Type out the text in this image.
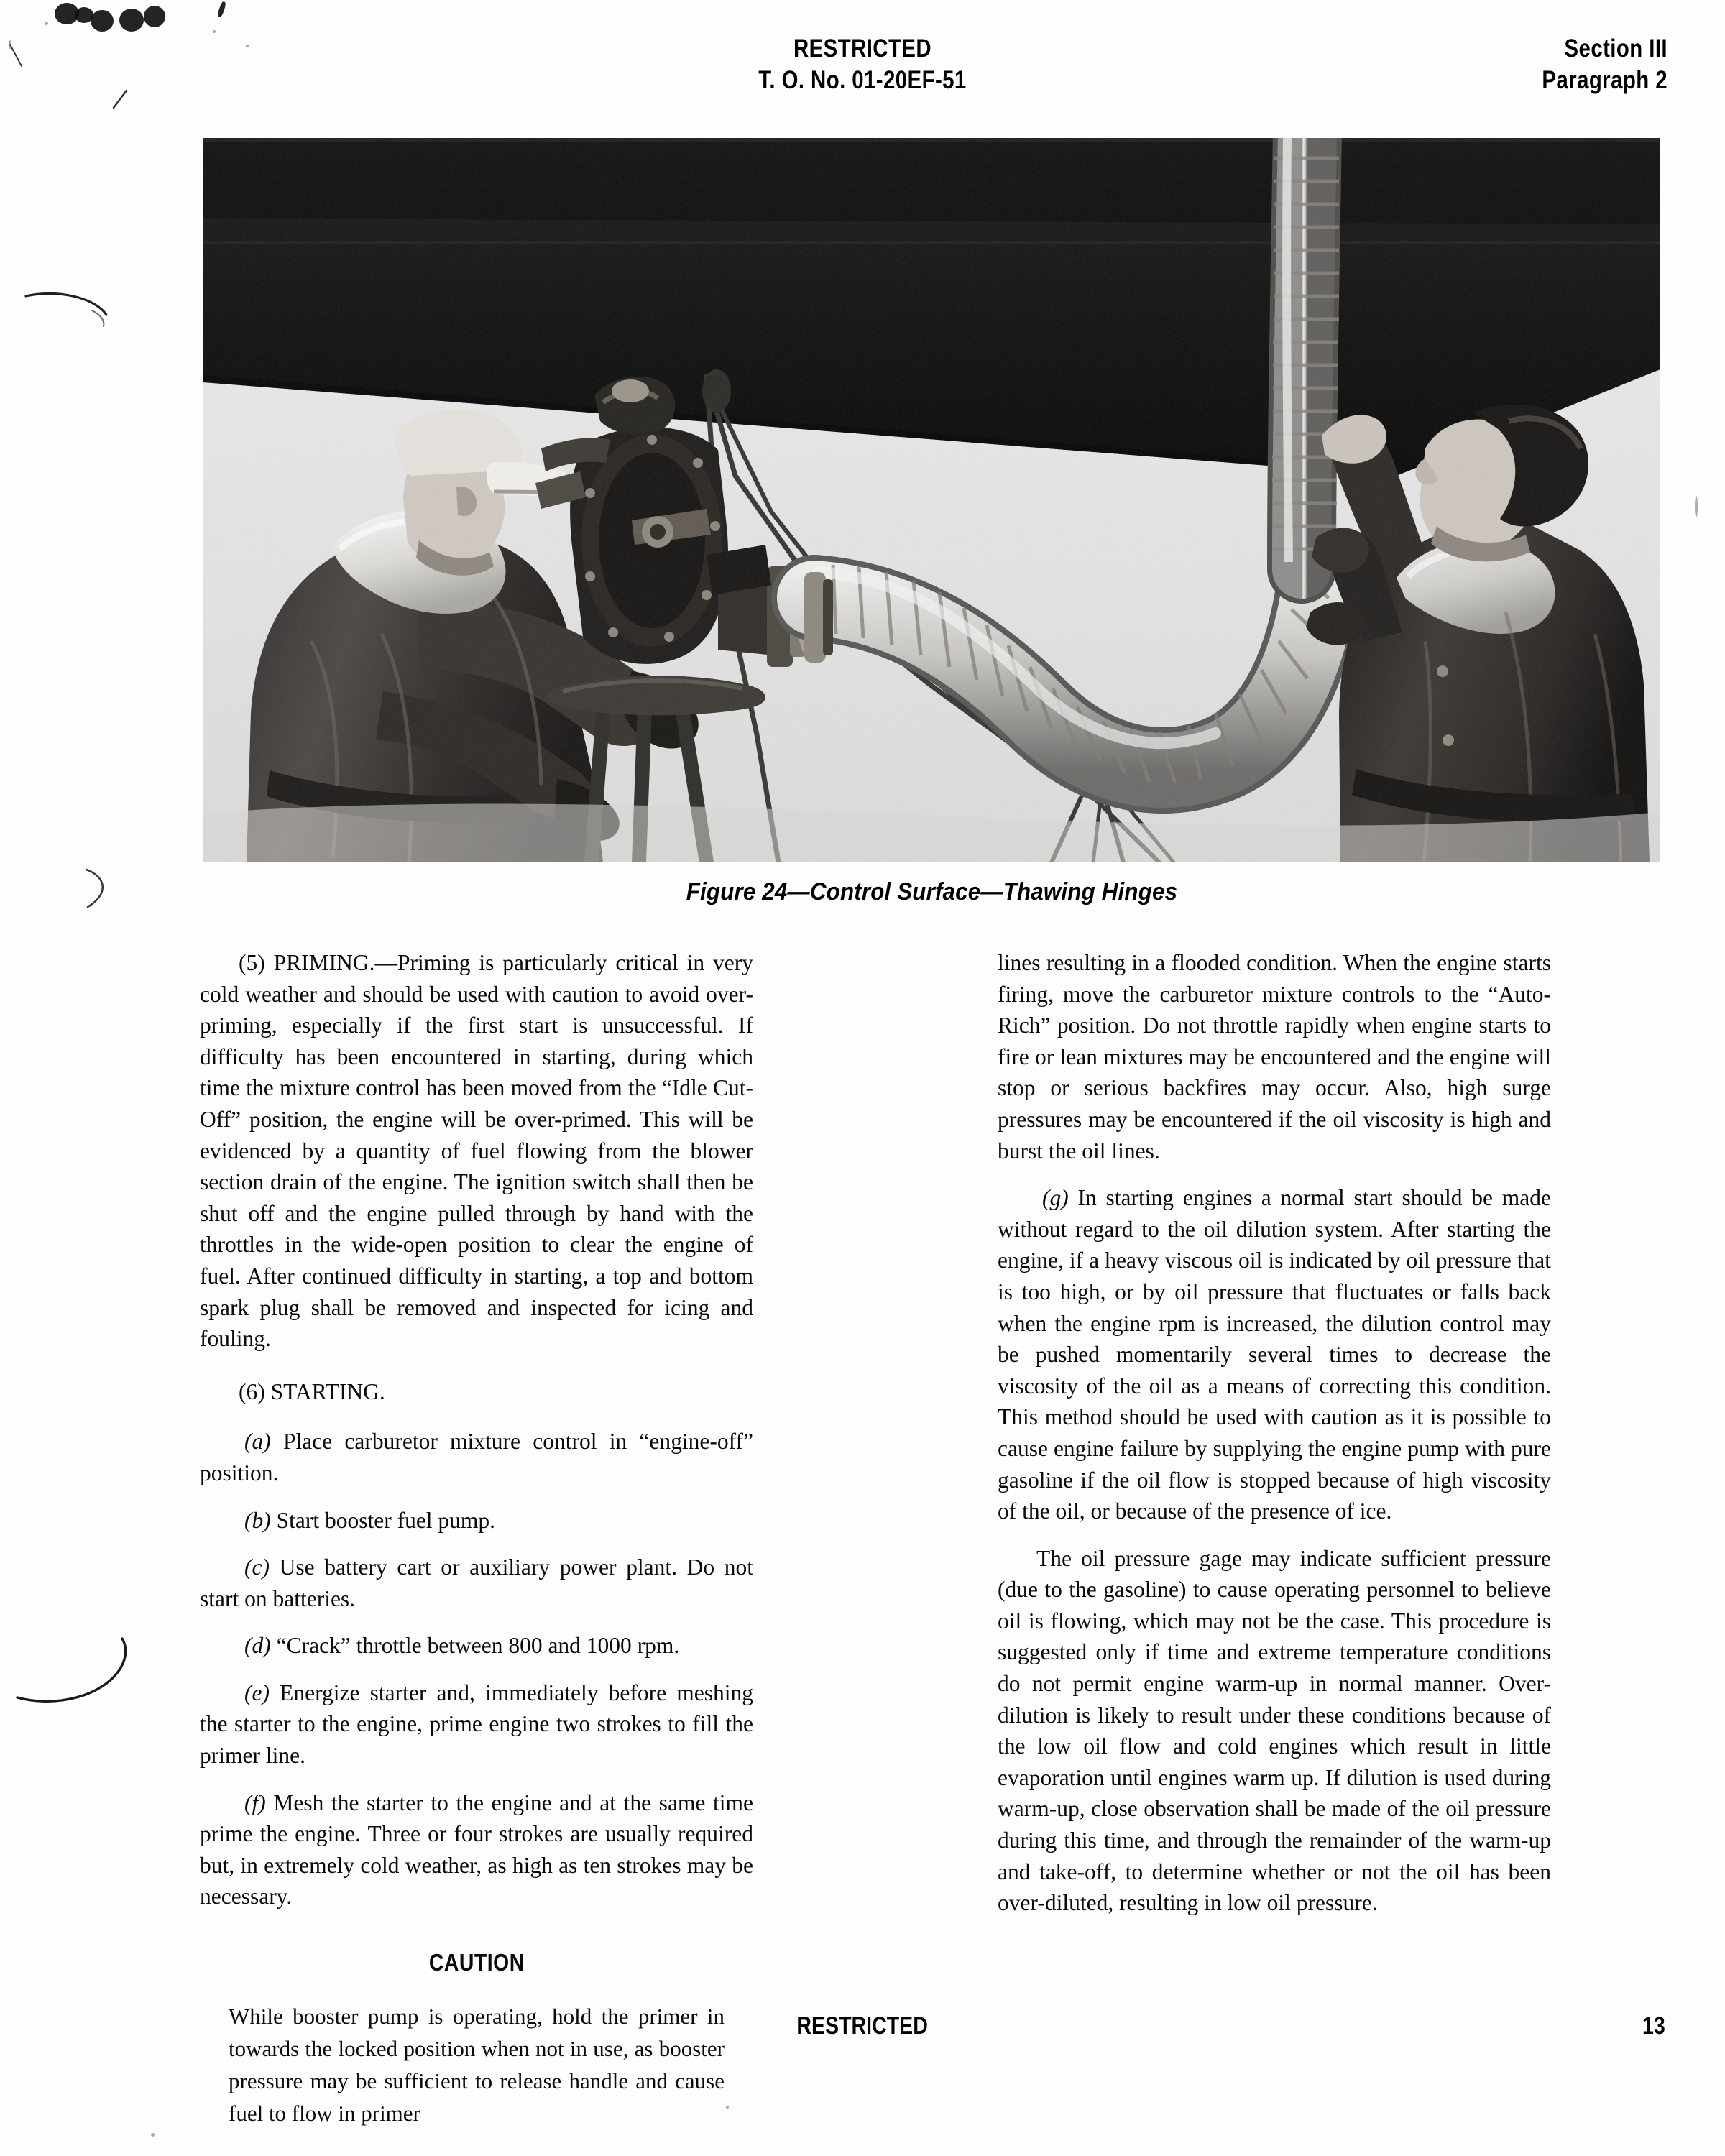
RESTRICTED
T. O. No. 01-20EF-51
Section III
Paragraph 2
Figure 24—Control Surface—Thawing Hinges

(5) PRIMING.—Priming is particularly critical in very cold weather and should be used with caution to avoid over-priming, especially if the first start is unsuccessful. If difficulty has been encountered in starting, during which time the mixture control has been moved from the “Idle Cut-Off” position, the engine will be over-primed. This will be evidenced by a quantity of fuel flowing from the blower section drain of the engine. The ignition switch shall then be shut off and the engine pulled through by hand with the throttles in the wide-open position to clear the engine of fuel. After continued difficulty in starting, a top and bottom spark plug shall be removed and inspected for icing and fouling.

(6) STARTING.

(a) Place carburetor mixture control in “engine-off” position.

(b) Start booster fuel pump.

(c) Use battery cart or auxiliary power plant. Do not start on batteries.

(d) “Crack” throttle between 800 and 1000 rpm.

(e) Energize starter and, immediately before meshing the starter to the engine, prime engine two strokes to fill the primer line.

(f) Mesh the starter to the engine and at the same time prime the engine. Three or four strokes are usually required but, in extremely cold weather, as high as ten strokes may be necessary.

CAUTION
While booster pump is operating, hold the primer in towards the locked position when not in use, as booster pressure may be sufficient to release handle and cause fuel to flow in primer

lines resulting in a flooded condition. When the engine starts firing, move the carburetor mixture controls to the “Auto-Rich” position. Do not throttle rapidly when engine starts to fire or lean mixtures may be encountered and the engine will stop or serious backfires may occur. Also, high surge pressures may be encountered if the oil viscosity is high and burst the oil lines.

(g) In starting engines a normal start should be made without regard to the oil dilution system. After starting the engine, if a heavy viscous oil is indicated by oil pressure that is too high, or by oil pressure that fluctuates or falls back when the engine rpm is increased, the dilution control may be pushed momentarily several times to decrease the viscosity of the oil as a means of correcting this condition. This method should be used with caution as it is possible to cause engine failure by supplying the engine pump with pure gasoline if the oil flow is stopped because of high viscosity of the oil, or because of the presence of ice.

The oil pressure gage may indicate sufficient pressure (due to the gasoline) to cause operating personnel to believe oil is flowing, which may not be the case. This procedure is suggested only if time and extreme temperature conditions do not permit engine warm-up in normal manner. Over-dilution is likely to result under these conditions because of the low oil flow and cold engines which result in little evaporation until engines warm up. If dilution is used during warm-up, close observation shall be made of the oil pressure during this time, and through the remainder of the warm-up and take-off, to determine whether or not the oil has been over-diluted, resulting in low oil pressure.

RESTRICTED	13
